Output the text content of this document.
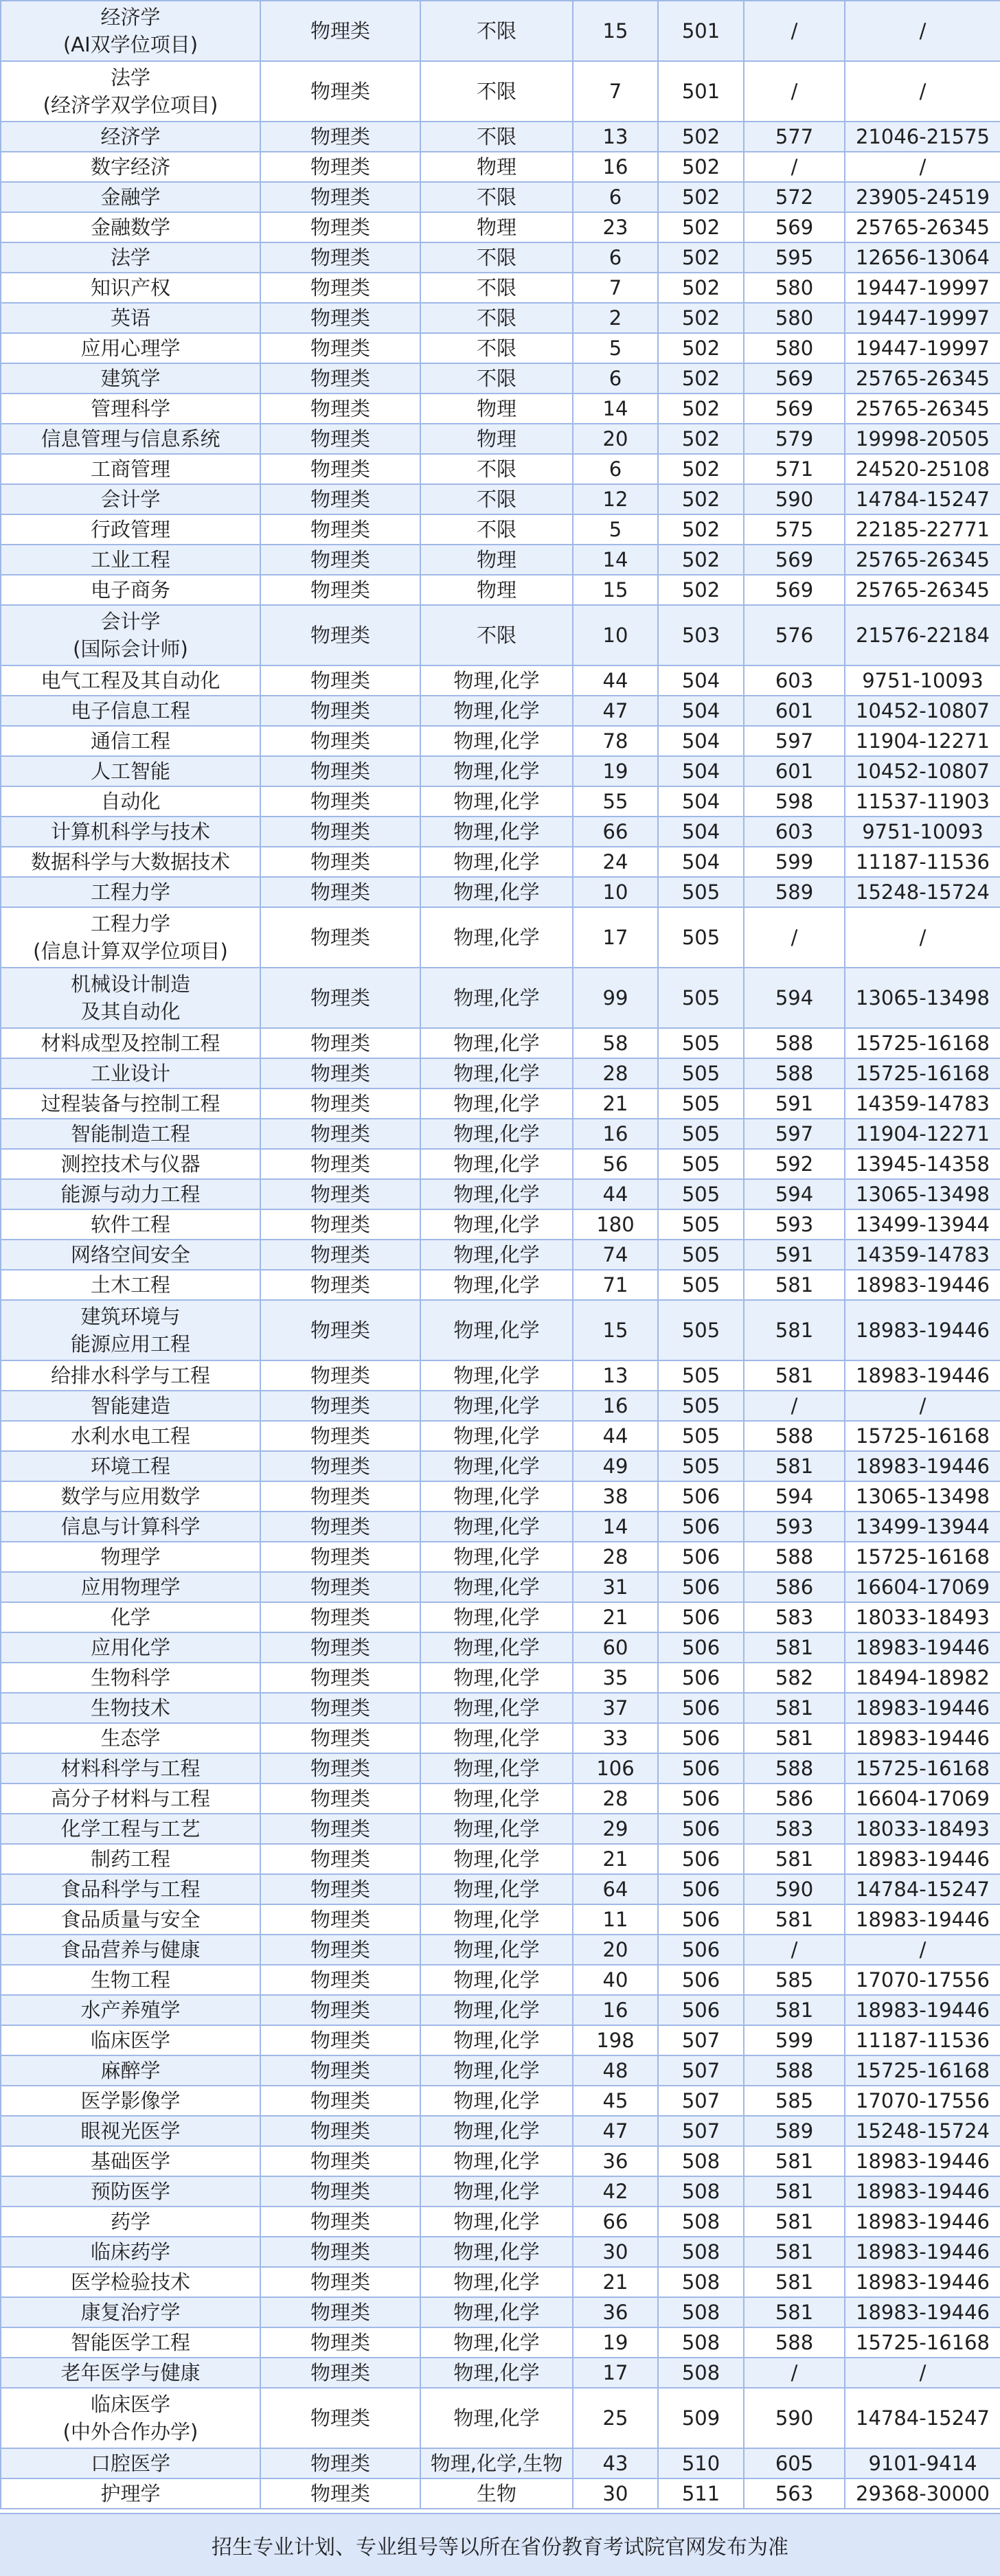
经济学
(AI双学位项目)	物理类	不限	15	501	/	/

法学
(经济学双学位项目)	物理类	不限	7	501	/	/

经济学	物理类	不限	13	502	577	21046-21575

数字经济	物理类	物理	16	502	/	/

金融学	物理类	不限	6	502	572	23905-24519

金融数学	物理类	物理	23	502	569	25765-26345

法学	物理类	不限	6	502	595	12656-13064

知识产权	物理类	不限	7	502	580	19447-19997

英语	物理类	不限	2	502	580	19447-19997

应用心理学	物理类	不限	5	502	580	19447-19997

建筑学	物理类	不限	6	502	569	25765-26345

管理科学	物理类	物理	14	502	569	25765-26345

信息管理与信息系统	物理类	物理	20	502	579	19998-20505

工商管理	物理类	不限	6	502	571	24520-25108

会计学	物理类	不限	12	502	590	14784-15247

行政管理	物理类	不限	5	502	575	22185-22771

工业工程	物理类	物理	14	502	569	25765-26345

电子商务	物理类	物理	15	502	569	25765-26345

会计学
(国际会计师)	物理类	不限	10	503	576	21576-22184

电气工程及其自动化	物理类	物理,化学	44	504	603	9751-10093

电子信息工程	物理类	物理,化学	47	504	601	10452-10807

通信工程	物理类	物理,化学	78	504	597	11904-12271

人工智能	物理类	物理,化学	19	504	601	10452-10807

自动化	物理类	物理,化学	55	504	598	11537-11903

计算机科学与技术	物理类	物理,化学	66	504	603	9751-10093

数据科学与大数据技术	物理类	物理,化学	24	504	599	11187-11536

工程力学	物理类	物理,化学	10	505	589	15248-15724

工程力学
(信息计算双学位项目)	物理类	物理,化学	17	505	/	/

机械设计制造
及其自动化	物理类	物理,化学	99	505	594	13065-13498

材料成型及控制工程	物理类	物理,化学	58	505	588	15725-16168

工业设计	物理类	物理,化学	28	505	588	15725-16168

过程装备与控制工程	物理类	物理,化学	21	505	591	14359-14783

智能制造工程	物理类	物理,化学	16	505	597	11904-12271

测控技术与仪器	物理类	物理,化学	56	505	592	13945-14358

能源与动力工程	物理类	物理,化学	44	505	594	13065-13498

软件工程	物理类	物理,化学	180	505	593	13499-13944

网络空间安全	物理类	物理,化学	74	505	591	14359-14783

土木工程	物理类	物理,化学	71	505	581	18983-19446

建筑环境与
能源应用工程	物理类	物理,化学	15	505	581	18983-19446

给排水科学与工程	物理类	物理,化学	13	505	581	18983-19446

智能建造	物理类	物理,化学	16	505	/	/

水利水电工程	物理类	物理,化学	44	505	588	15725-16168

环境工程	物理类	物理,化学	49	505	581	18983-19446

数学与应用数学	物理类	物理,化学	38	506	594	13065-13498

信息与计算科学	物理类	物理,化学	14	506	593	13499-13944

物理学	物理类	物理,化学	28	506	588	15725-16168

应用物理学	物理类	物理,化学	31	506	586	16604-17069

化学	物理类	物理,化学	21	506	583	18033-18493

应用化学	物理类	物理,化学	60	506	581	18983-19446

生物科学	物理类	物理,化学	35	506	582	18494-18982

生物技术	物理类	物理,化学	37	506	581	18983-19446

生态学	物理类	物理,化学	33	506	581	18983-19446

材料科学与工程	物理类	物理,化学	106	506	588	15725-16168

高分子材料与工程	物理类	物理,化学	28	506	586	16604-17069

化学工程与工艺	物理类	物理,化学	29	506	583	18033-18493

制药工程	物理类	物理,化学	21	506	581	18983-19446

食品科学与工程	物理类	物理,化学	64	506	590	14784-15247

食品质量与安全	物理类	物理,化学	11	506	581	18983-19446

食品营养与健康	物理类	物理,化学	20	506	/	/

生物工程	物理类	物理,化学	40	506	585	17070-17556

水产养殖学	物理类	物理,化学	16	506	581	18983-19446

临床医学	物理类	物理,化学	198	507	599	11187-11536

麻醉学	物理类	物理,化学	48	507	588	15725-16168

医学影像学	物理类	物理,化学	45	507	585	17070-17556

眼视光医学	物理类	物理,化学	47	507	589	15248-15724

基础医学	物理类	物理,化学	36	508	581	18983-19446

预防医学	物理类	物理,化学	42	508	581	18983-19446

药学	物理类	物理,化学	66	508	581	18983-19446

临床药学	物理类	物理,化学	30	508	581	18983-19446

医学检验技术	物理类	物理,化学	21	508	581	18983-19446

康复治疗学	物理类	物理,化学	36	508	581	18983-19446

智能医学工程	物理类	物理,化学	19	508	588	15725-16168

老年医学与健康	物理类	物理,化学	17	508	/	/

临床医学
(中外合作办学)	物理类	物理,化学	25	509	590	14784-15247

口腔医学	物理类	物理,化学,生物	43	510	605	9101-9414

护理学	物理类	生物	30	511	563	29368-30000
招生专业计划、专业组号等以所在省份教育考试院官网发布为准
